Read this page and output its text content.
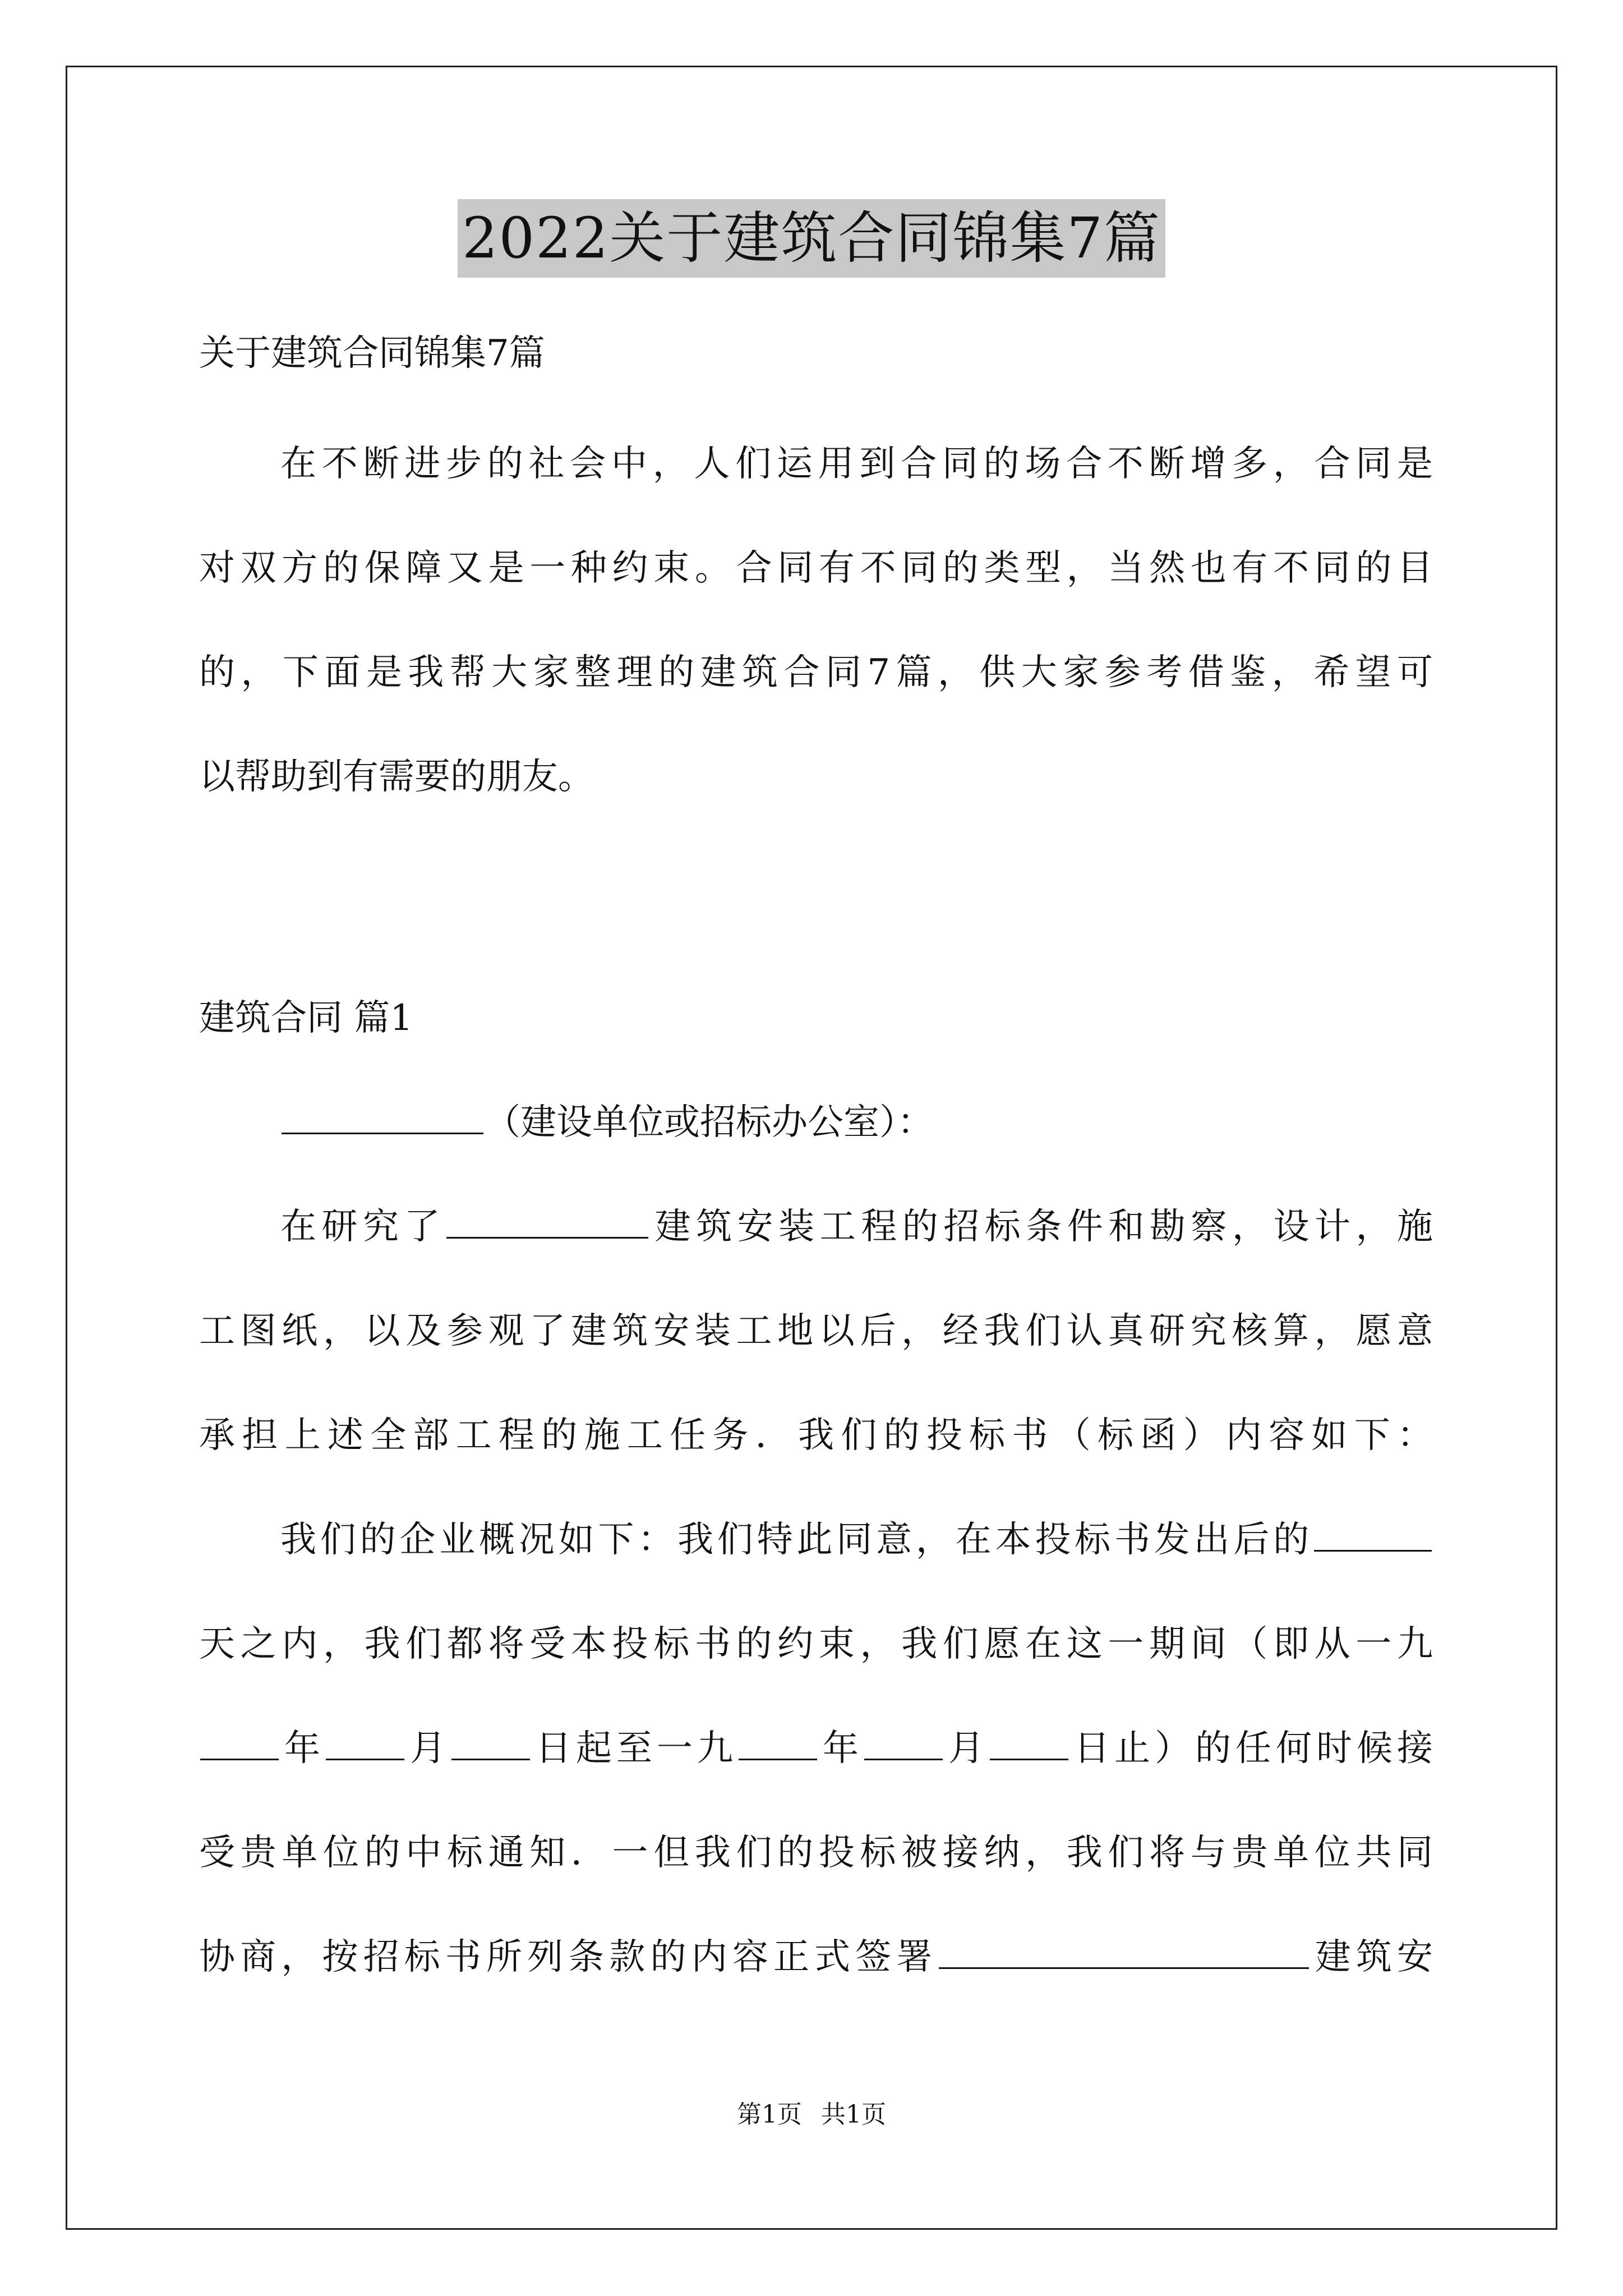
2022关于建筑合同锦集7篇
关于建筑合同锦集7篇
在不断进步的社会中，人们运用到合同的场合不断增多，合同是
对双方的保障又是一种约束。合同有不同的类型，当然也有不同的目
的，下面是我帮大家整理的建筑合同7篇，供大家参考借鉴，希望可
以帮助到有需要的朋友。
建筑合同 篇1
（建设单位或招标办公室）：
在研究了	建筑安装工程的招标条件和勘察，设计，施
工图纸，以及参观了建筑安装工地以后，经我们认真研究核算，愿意
承担上述全部工程的施工任务．我们的投标书（标函）内容如下：
我们的企业概况如下：我们特此同意，在本投标书发出后的
天之内，我们都将受本投标书的约束，我们愿在这一期间（即从一九
年 月 日起至一九 年 月 日止）的任何时候接
受贵单位的中标通知．一但我们的投标被接纳，我们将与贵单位共同
协商，按招标书所列条款的内容正式签署	建筑安
第1页 共1页
